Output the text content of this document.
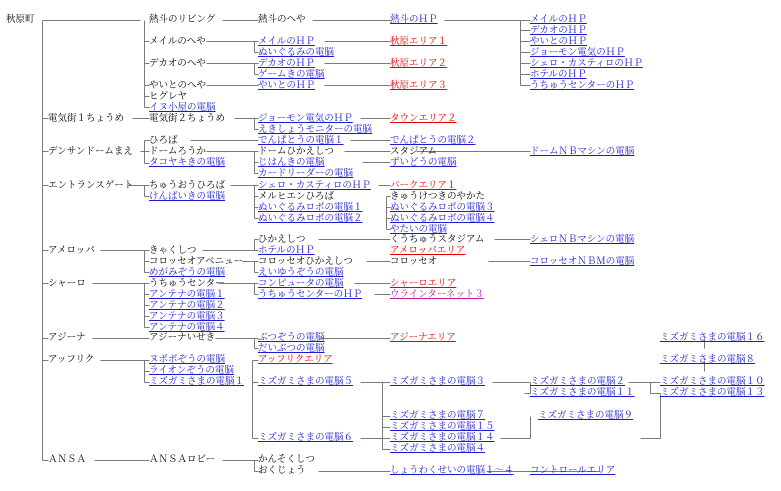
秋原町	熱斗のリビング
電気街１ちょうめ
デンサンドームまえ
エントランスゲート
アメロッパ
シャーロ
アジーナ
アッフリク
ＡＮＳＡ
メイルのへや
デカオのへや
やいとのへや
ヒグレヤ
イヌ小屋の電脳
電気街２ちょうめ
ひろば
ドームろうか
タコヤキきの電脳
ちゅうおうひろば
けんばいきの電脳
きゃくしつ
コロッセオアベニュー
めがみぞうの電脳
うちゅうセンター
アンテナの電脳１
アンテナの電脳２
アンテナの電脳３
アンテナの電脳４
アジーナいせき
ヌポポぞうの電脳
ライオンぞうの電脳
ミズガミさまの電脳１
ＡＮＳＡロビー
熱斗のへや
メイルのＨＰ
ぬいぐるみの電脳
デカオのＨＰ
ゲームきの電脳
やいとのＨＰ
ジョーモン電気のＨＰ
えきしょうモニターの電脳
でんぱとうの電脳１
ドームひかえしつ
じはんきの電脳
カードリーダーの電脳
シェロ・カスティロのＨＰ
メルヒエンひろば
ぬいぐるみロボの電脳１
ぬいぐるみロボの電脳２
ひかえしつ
ホテルのＨＰ
コロッセオひかえしつ
えいゆうぞうの電脳
コンピュータの電脳
うちゅうセンターのＨＰ
ぶつぞうの電脳
だいぶつの電脳
アッフリクエリア
ミズガミさまの電脳５
ミズガミさまの電脳６
かんそくしつ
おくじょう
熱斗のＨＰ
秋原エリア１
秋原エリア２
秋原エリア３
タウンエリア２
でんぱとうの電脳２
スタジアム
ずいどうの電脳
パークエリア１
きゅうけつきのやかた
ぬいぐるみロボの電脳３
ぬいぐるみロボの電脳４
やたいの電脳
くうちゅうスタジアム
アメロッパエリア
コロッセオ
シャーロエリア
ウラインターネット３
アジーナエリア
ミズガミさまの電脳３
ミズガミさまの電脳７
ミズガミさまの電脳１５
ミズガミさまの電脳１４
ミズガミさまの電脳４
しょうわくせいの電脳１～４
メイルのＨＰ
デカオのＨＰ
やいとのＨＰ
ジョーモン電気のＨＰ
シェロ・カスティロのＨＰ
ホテルのＨＰ
うちゅうセンターのＨＰ
ドームＮＢマシンの電脳
シェロＮＢマシンの電脳
コロッセオＮＢＭの電脳
ミズガミさまの電脳２
ミズガミさまの電脳１１
ミズガミさまの電脳９
コントロールエリア
ミズガミさまの電脳１６
ミズガミさまの電脳８
ミズガミさまの電脳１０
ミズガミさまの電脳１３
